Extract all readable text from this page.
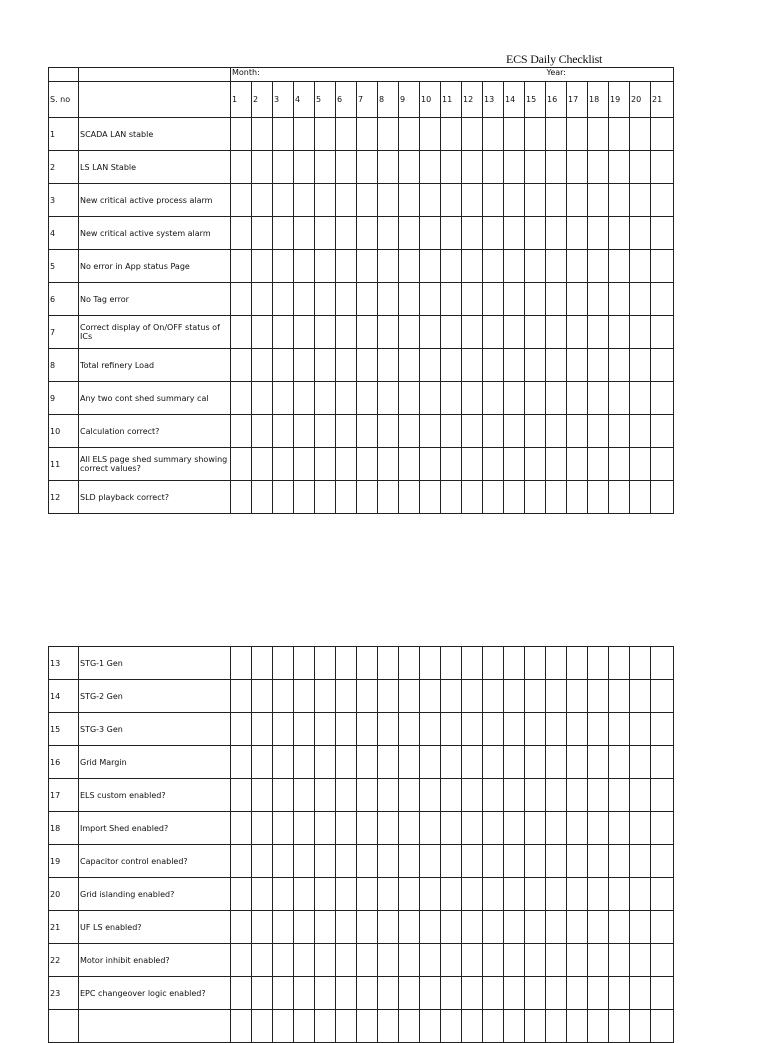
ECS Daily Checklist
		Month:															Year:					
S. no		1	2	3	4	5	6	7	8	9	10	11	12	13	14	15	16	17	18	19	20	21
1	SCADA LAN stable																					
2	LS LAN Stable																					
3	New critical active process alarm																					
4	New critical active system alarm																					
5	No error in App status Page																					
6	No Tag error																					
7	Correct display of On/OFF status of ICs																					
8	Total refinery Load																					
9	Any two cont shed summary cal																					
10	Calculation correct?																					
11	All ELS page shed summary showing correct values?																					
12	SLD playback correct?																					
13	STG-1 Gen																					
14	STG-2 Gen																					
15	STG-3 Gen																					
16	Grid Margin																					
17	ELS custom enabled?																					
18	Import Shed enabled?																					
19	Capacitor control enabled?																					
20	Grid islanding enabled?																					
21	UF LS enabled?																					
22	Motor inhibit enabled?																					
23	EPC changeover logic enabled?																					
